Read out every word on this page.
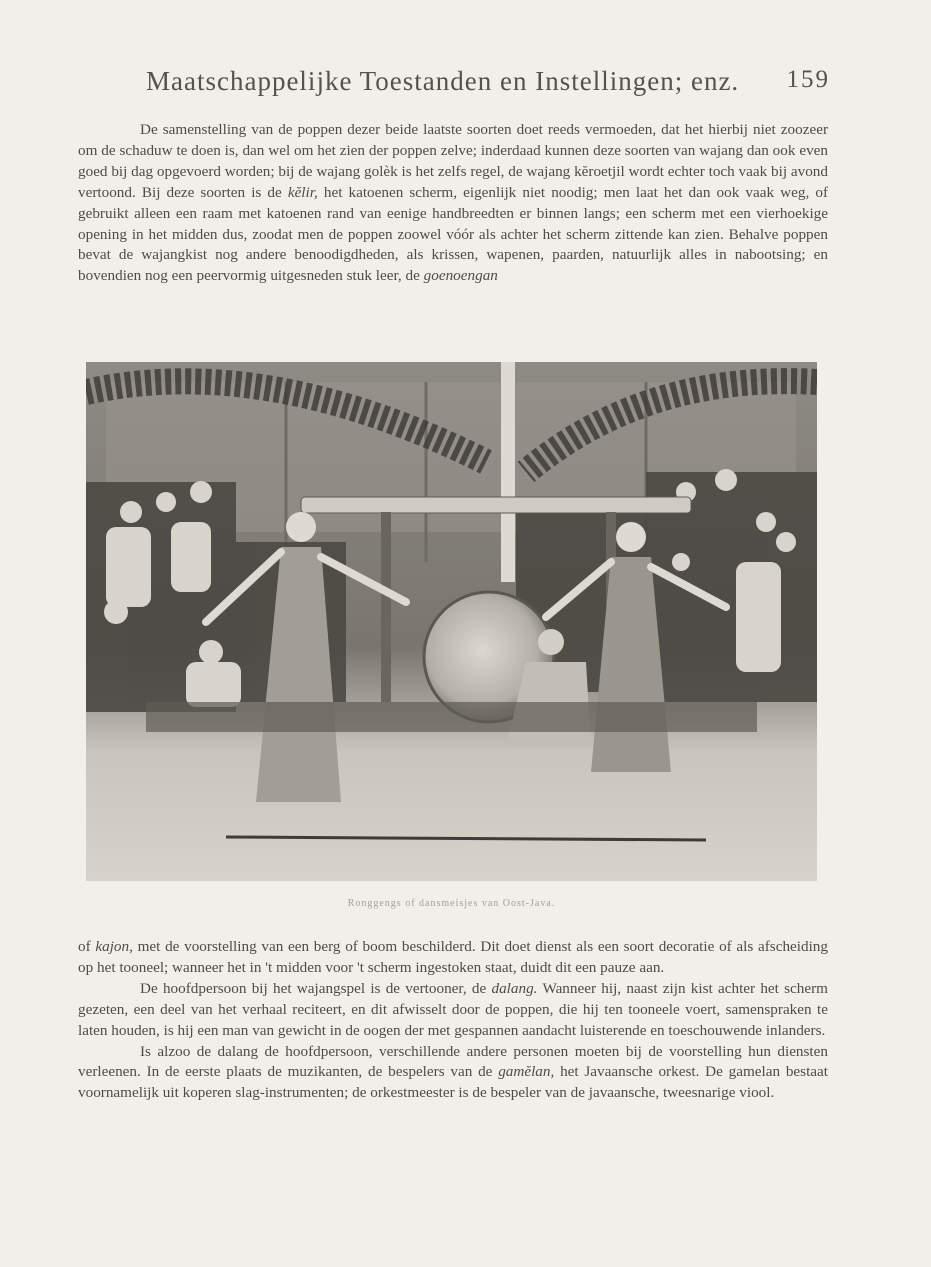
Maatschappelijke Toestanden en Instellingen; enz. 159

De samenstelling van de poppen dezer beide laatste soorten doet reeds vermoeden, dat het hierbij niet zoozeer om de schaduw te doen is, dan wel om het zien der poppen zelve; inderdaad kunnen deze soorten van wajang dan ook even goed bij dag opgevoerd worden; bij de wajang golèk is het zelfs regel, de wajang kĕroetjil wordt echter toch vaak bij avond vertoond. Bij deze soorten is de kĕlir, het katoenen scherm, eigenlijk niet noodig; men laat het dan ook vaak weg, of gebruikt alleen een raam met katoenen rand van eenige handbreedten er binnen langs; een scherm met een vierhoekige opening in het midden dus, zoodat men de poppen zoowel vóór als achter het scherm zittende kan zien. Behalve poppen bevat de wajangkist nog andere benoodigdheden, als krissen, wapenen, paarden, natuurlijk alles in nabootsing; en bovendien nog een peervormig uitgesneden stuk leer, de goenoengan

Ronggengs of dansmeisjes van Oost-Java.

of kajon, met de voorstelling van een berg of boom beschilderd. Dit doet dienst als een soort decoratie of als afscheiding op het tooneel; wanneer het in 't midden voor 't scherm ingestoken staat, duidt dit een pauze aan.

De hoofdpersoon bij het wajangspel is de vertooner, de dalang. Wanneer hij, naast zijn kist achter het scherm gezeten, een deel van het verhaal reciteert, en dit afwisselt door de poppen, die hij ten tooneele voert, samenspraken te laten houden, is hij een man van gewicht in de oogen der met gespannen aandacht luisterende en toeschouwende inlanders.

Is alzoo de dalang de hoofdpersoon, verschillende andere personen moeten bij de voorstelling hun diensten verleenen. In de eerste plaats de muzikanten, de bespelers van de gamĕlan, het Javaansche orkest. De gamelan bestaat voornamelijk uit koperen slag-instrumenten; de orkestmeester is de bespeler van de javaansche, tweesnarige viool.
